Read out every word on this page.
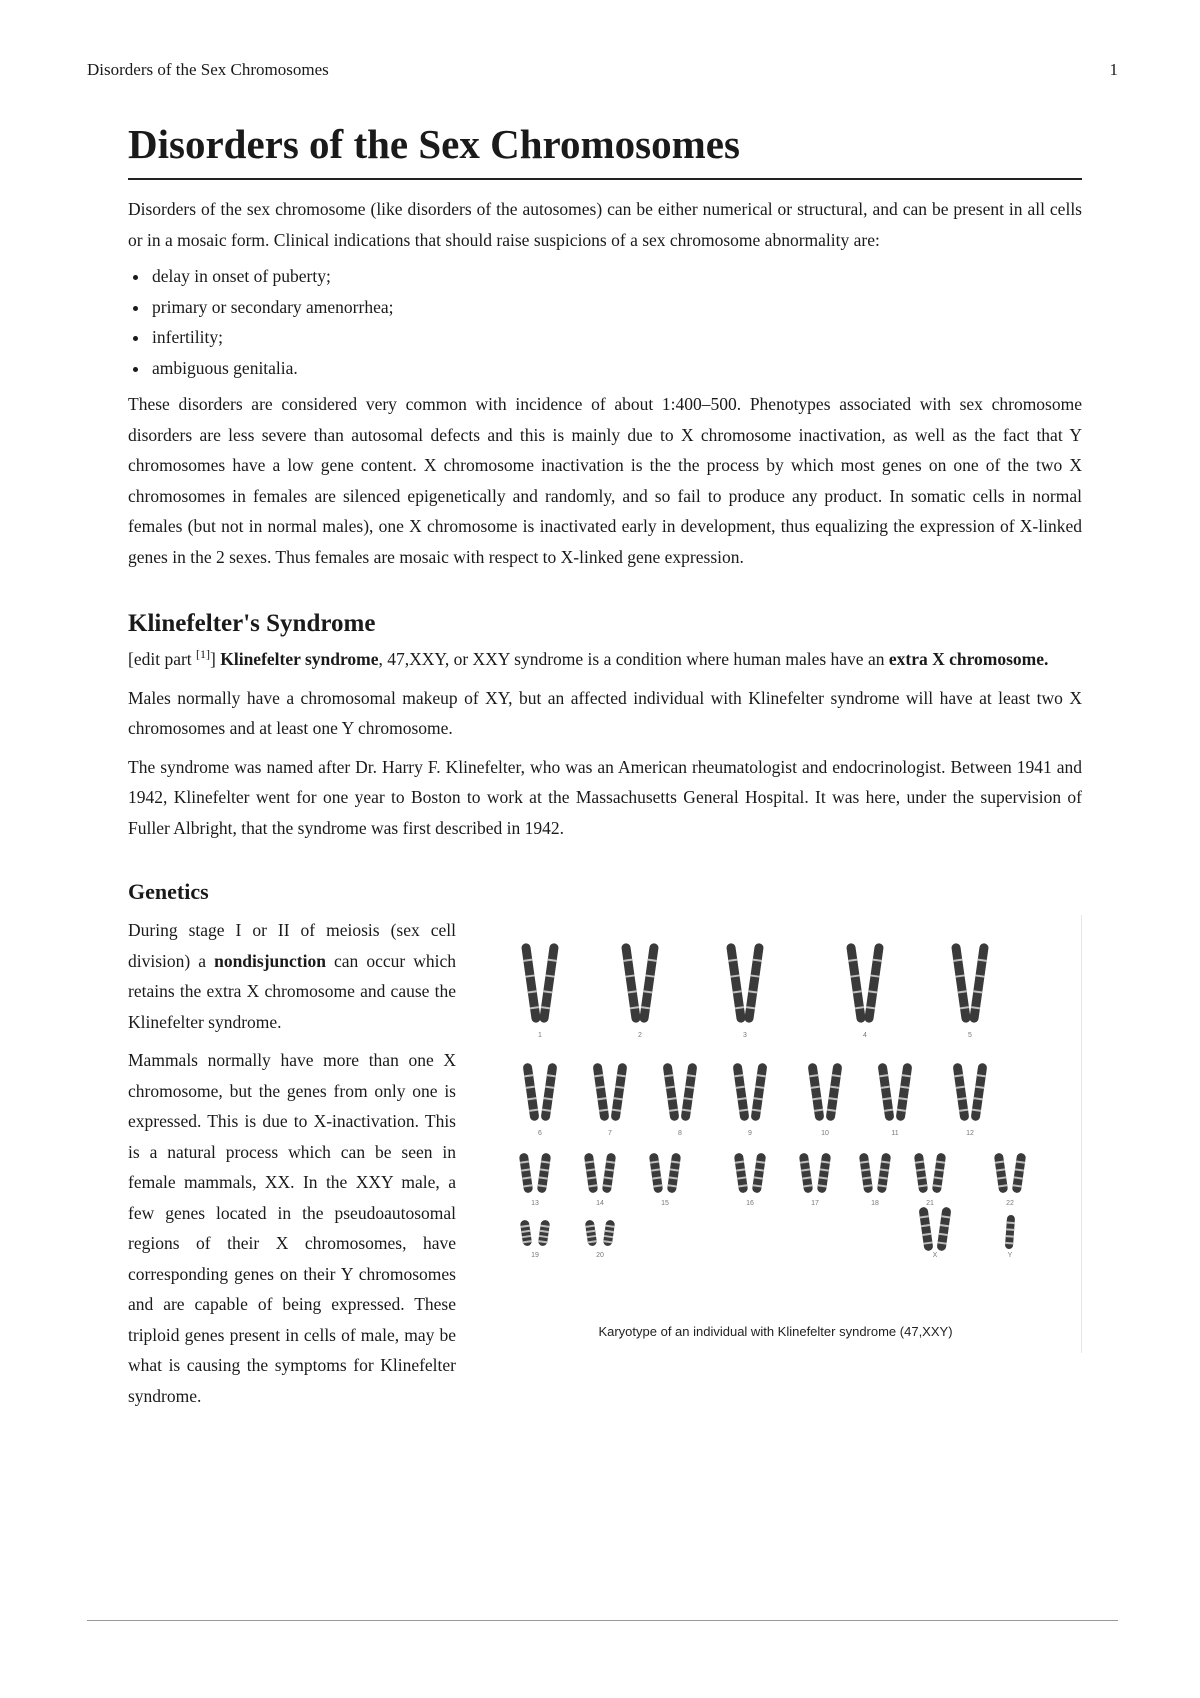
Disorders of the Sex Chromosomes	1
Disorders of the Sex Chromosomes

Disorders of the sex chromosome (like disorders of the autosomes) can be either numerical or structural, and can be present in all cells or in a mosaic form. Clinical indications that should raise suspicions of a sex chromosome abnormality are:

• delay in onset of puberty;
• primary or secondary amenorrhea;
• infertility;
• ambiguous genitalia.

These disorders are considered very common with incidence of about 1:400–500. Phenotypes associated with sex chromosome disorders are less severe than autosomal defects and this is mainly due to X chromosome inactivation, as well as the fact that Y chromosomes have a low gene content. X chromosome inactivation is the the process by which most genes on one of the two X chromosomes in females are silenced epigenetically and randomly, and so fail to produce any product. In somatic cells in normal females (but not in normal males), one X chromosome is inactivated early in development, thus equalizing the expression of X-linked genes in the 2 sexes. Thus females are mosaic with respect to X-linked gene expression.

Klinefelter's Syndrome

[edit part [1]] Klinefelter syndrome, 47,XXY, or XXY syndrome is a condition where human males have an extra X chromosome.

Males normally have a chromosomal makeup of XY, but an affected individual with Klinefelter syndrome will have at least two X chromosomes and at least one Y chromosome.

The syndrome was named after Dr. Harry F. Klinefelter, who was an American rheumatologist and endocrinologist. Between 1941 and 1942, Klinefelter went for one year to Boston to work at the Massachusetts General Hospital. It was here, under the supervision of Fuller Albright, that the syndrome was first described in 1942.

Genetics
1	2	3	4	5
6	7	8	9	10	11	12
13	14	15	16	17	18	21	22
19	20	X	Y
Karyotype of an individual with Klinefelter syndrome (47,XXY)

During stage I or II of meiosis (sex cell division) a nondisjunction can occur which retains the extra X chromosome and cause the Klinefelter syndrome.

Mammals normally have more than one X chromosome, but the genes from only one is expressed. This is due to X-inactivation. This is a natural process which can be seen in female mammals, XX. In the XXY male, a few genes located in the pseudoautosomal regions of their X chromosomes, have corresponding genes on their Y chromosomes and are capable of being expressed. These triploid genes present in cells of male, may be what is causing the symptoms for Klinefelter syndrome.
